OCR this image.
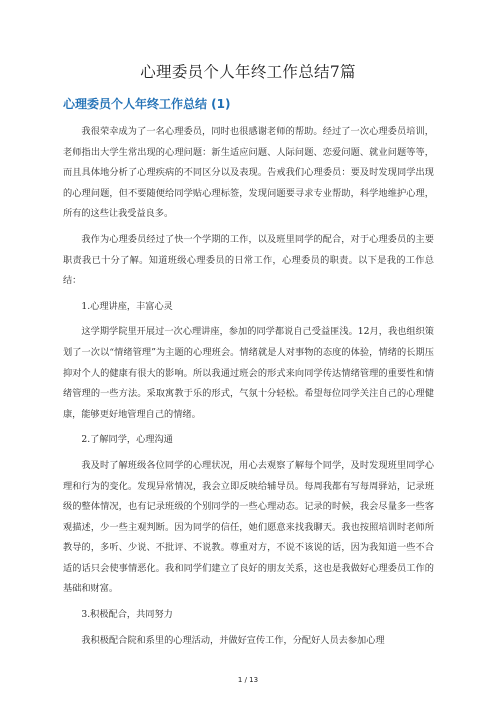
心理委员个人年终工作总结7篇
心理委员个人年终工作总结 (1)

我很荣幸成为了一名心理委员，同时也很感谢老师的帮助。经过了一次心理委员培训，老师指出大学生常出现的心理问题：新生适应问题、人际问题、恋爱问题、就业问题等等，而且具体地分析了心理疾病的不同区分以及表现。告戒我们心理委员：要及时发现同学出现的心理问题，但不要随便给同学贴心理标签，发现问题要寻求专业帮助，科学地维护心理，所有的这些让我受益良多。

我作为心理委员经过了快一个学期的工作，以及班里同学的配合，对于心理委员的主要职责我已十分了解。知道班级心理委员的日常工作，心理委员的职责。以下是我的工作总结：

1.心理讲座，丰富心灵

这学期学院里开展过一次心理讲座，参加的同学都说自己受益匪浅。12月，我也组织策划了一次以“情绪管理”为主题的心理班会。情绪就是人对事物的态度的体验，情绪的长期压抑对个人的健康有很大的影响。所以我通过班会的形式来向同学传达情绪管理的重要性和情绪管理的一些方法。采取寓教于乐的形式，气氛十分轻松。希望每位同学关注自己的心理健康，能够更好地管理自己的情绪。

2.了解同学，心理沟通

我及时了解班级各位同学的心理状况，用心去观察了解每个同学，及时发现班里同学心理和行为的变化。发现异常情况，我会立即反映给辅导员。每周我都有写每周驿站，记录班级的整体情况，也有记录班级的个别同学的一些心理动态。记录的时候，我会尽量多一些客观描述，少一些主观判断。因为同学的信任，她们愿意来找我聊天。我也按照培训时老师所教导的，多听、少说、不批评、不说教。尊重对方，不说不该说的话，因为我知道一些不合适的话只会使事情恶化。我和同学们建立了良好的朋友关系，这也是我做好心理委员工作的基础和财富。

3.积极配合，共同努力

我积极配合院和系里的心理活动，并做好宣传工作，分配好人员去参加心理

1 / 13
